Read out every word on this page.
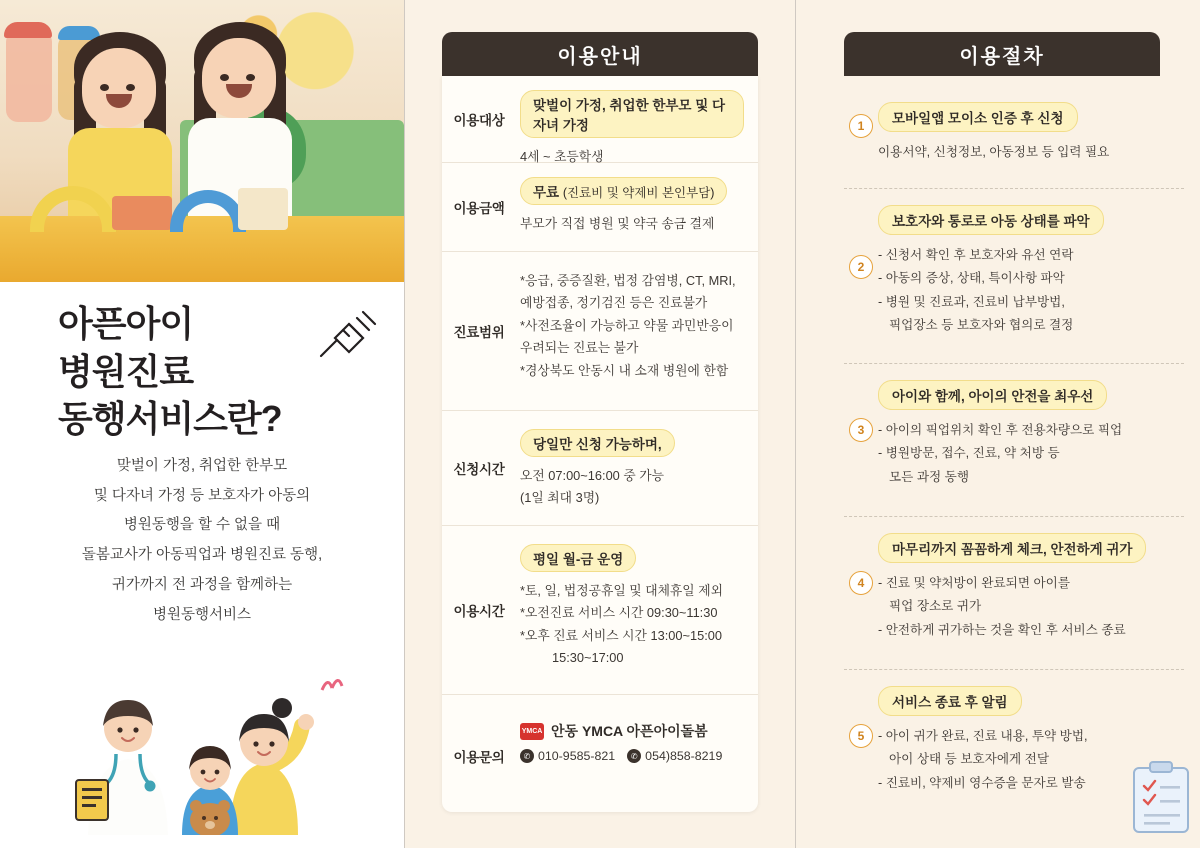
아픈아이
병원진료
동행서비스란?
맞벌이 가정, 취업한 한부모
및 다자녀 가정 등 보호자가 아동의
병원동행을 할 수 없을 때
돌봄교사가 아동픽업과 병원진료 동행,
귀가까지 전 과정을 함께하는
병원동행서비스
이용안내
이용대상
맞벌이 가정, 취업한 한부모 및 다자녀 가정
4세 ~ 초등학생
이용금액
무료 (진료비 및 약제비 본인부담)
부모가 직접 병원 및 약국 송금 결제
진료범위
*응급, 중증질환, 법정 감염병, CT, MRI,
예방접종, 정기검진 등은 진료불가
*사전조율이 가능하고 약물 과민반응이
우려되는 진료는 불가
*경상북도 안동시 내 소재 병원에 한함
신청시간
당일만 신청 가능하며,
오전 07:00~16:00 중 가능
(1일 최대 3명)
이용시간
평일 월-금 운영
*토, 일, 법정공휴일 및 대체휴일 제외
*오전진료 서비스 시간 09:30~11:30
*오후 진료 서비스 시간 13:00~15:00
15:30~17:00
이용문의
YMCA 안동 YMCA 아픈아이돌봄
✆ 010-9585-821	✆ 054)858-8219
이용절차
1	모바일앱 모이소 인증 후 신청
이용서약, 신청정보, 아동정보 등 입력 필요
2
보호자와 통로로 아동 상태를 파악
- 신청서 확인 후 보호자와 유선 연락
- 아동의 증상, 상태, 특이사항 파악
- 병원 및 진료과, 진료비 납부방법,
픽업장소 등 보호자와 협의로 결정
3
아이와 함께, 아이의 안전을 최우선
- 아이의 픽업위치 확인 후 전용차량으로 픽업
- 병원방문, 접수, 진료, 약 처방 등
모든 과정 동행
4
마무리까지 꼼꼼하게 체크, 안전하게 귀가
- 진료 및 약처방이 완료되면 아이를
픽업 장소로 귀가
- 안전하게 귀가하는 것을 확인 후 서비스 종료
5
서비스 종료 후 알림
- 아이 귀가 완료, 진료 내용, 투약 방법,
아이 상태 등 보호자에게 전달
- 진료비, 약제비 영수증을 문자로 발송
